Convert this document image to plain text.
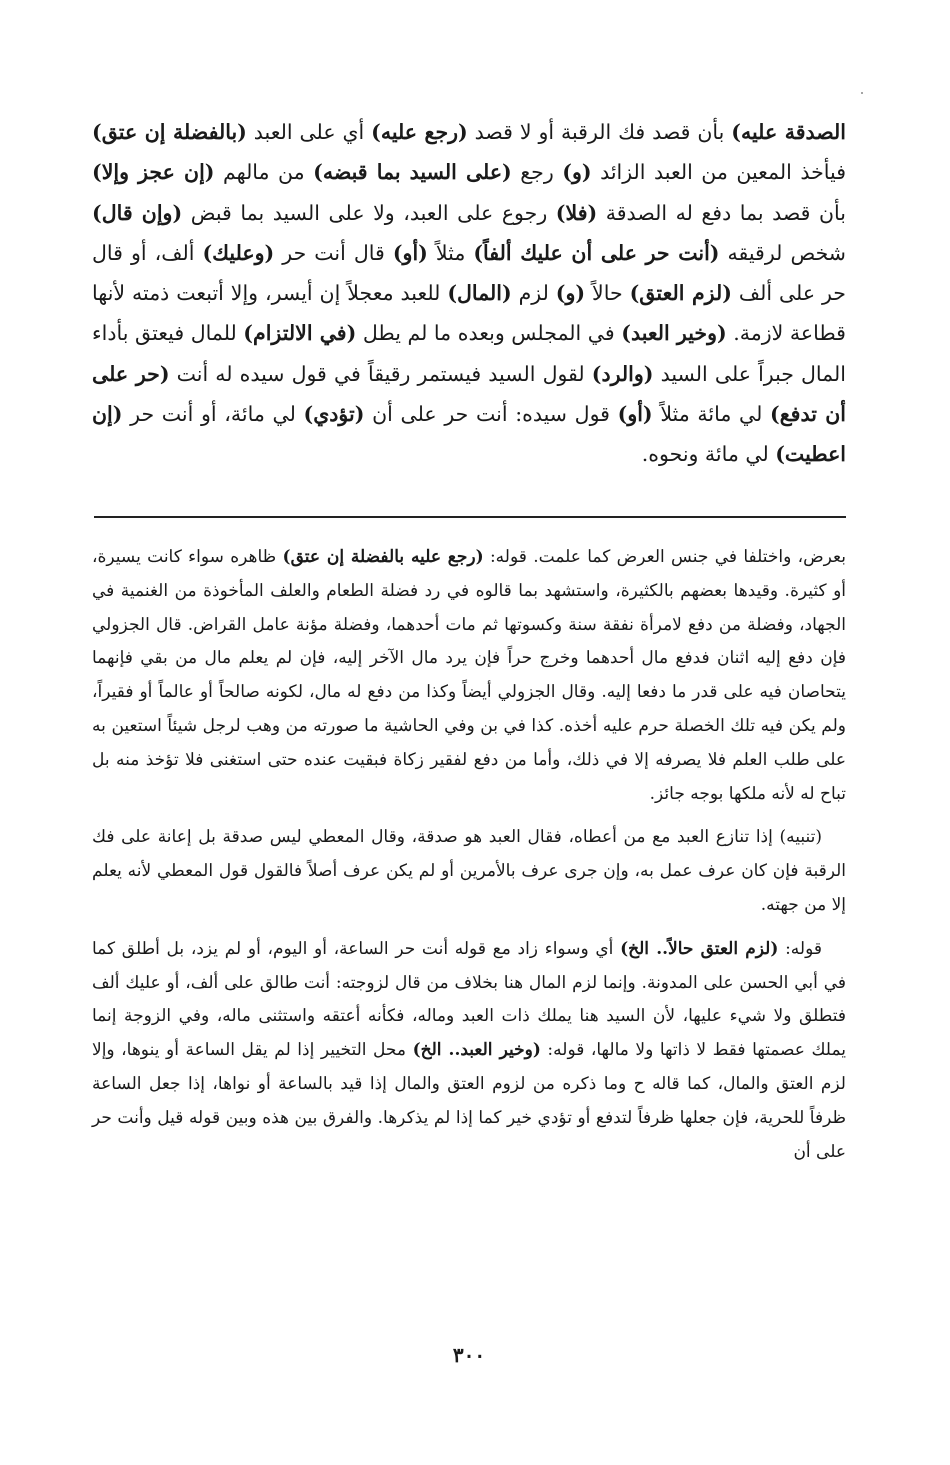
الصدقة عليه) بأن قصد فك الرقبة أو لا قصد (رجع عليه) أي على العبد (بالفضلة إن عتق) فيأخذ المعين من العبد الزائد (و) رجع (على السيد بما قبضه) من مالهم (إن عجز وإلا) بأن قصد بما دفع له الصدقة (فلا) رجوع على العبد، ولا على السيد بما قبض (وإن قال) شخص لرقيقه (أنت حر على أن عليك ألفاً) مثلاً (أو) قال أنت حر (وعليك) ألف، أو قال حر على ألف (لزم العتق) حالاً (و) لزم (المال) للعبد معجلاً إن أيسر، وإلا أتبعت ذمته لأنها قطاعة لازمة. (وخير العبد) في المجلس وبعده ما لم يطل (في الالتزام) للمال فيعتق بأداء المال جبراً على السيد (والرد) لقول السيد فيستمر رقيقاً في قول سيده له أنت (حر على أن تدفع) لي مائة مثلاً (أو) قول سيده: أنت حر على أن (تؤدي) لي مائة، أو أنت حر (إن اعطيت) لي مائة ونحوه.

بعرض، واختلفا في جنس العرض كما علمت. قوله: (رجع عليه بالفضلة إن عتق) ظاهره سواء كانت يسيرة، أو كثيرة. وقيدها بعضهم بالكثيرة، واستشهد بما قالوه في رد فضلة الطعام والعلف المأخوذة من الغنمية في الجهاد، وفضلة من دفع لامرأة نفقة سنة وكسوتها ثم مات أحدهما، وفضلة مؤنة عامل القراض. قال الجزولي فإن دفع إليه اثنان فدفع مال أحدهما وخرج حراً فإن يرد مال الآخر إليه، فإن لم يعلم مال من بقي فإنهما يتحاصان فيه على قدر ما دفعا إليه. وقال الجزولي أيضاً وكذا من دفع له مال، لكونه صالحاً أو عالماً أو فقيراً، ولم يكن فيه تلك الخصلة حرم عليه أخذه. كذا في بن وفي الحاشية ما صورته من وهب لرجل شيئاً استعين به على طلب العلم فلا يصرفه إلا في ذلك، وأما من دفع لفقير زكاة فبقيت عنده حتى استغنى فلا تؤخذ منه بل تباح له لأنه ملكها بوجه جائز.

(تنبيه) إذا تنازع العبد مع من أعطاه، فقال العبد هو صدقة، وقال المعطي ليس صدقة بل إعانة على فك الرقبة فإن كان عرف عمل به، وإن جرى عرف بالأمرين أو لم يكن عرف أصلاً فالقول قول المعطي لأنه يعلم إلا من جهته.

قوله: (لزم العتق حالاً.. الخ) أي وسواء زاد مع قوله أنت حر الساعة، أو اليوم، أو لم يزد، بل أطلق كما في أبي الحسن على المدونة. وإنما لزم المال هنا بخلاف من قال لزوجته: أنت طالق على ألف، أو عليك ألف فتطلق ولا شيء عليها، لأن السيد هنا يملك ذات العبد وماله، فكأنه أعتقه واستثنى ماله، وفي الزوجة إنما يملك عصمتها فقط لا ذاتها ولا مالها، قوله: (وخير العبد.. الخ) محل التخيير إذا لم يقل الساعة أو ينوها، وإلا لزم العتق والمال، كما قاله ح وما ذكره من لزوم العتق والمال إذا قيد بالساعة أو نواها، إذا جعل الساعة ظرفاً للحرية، فإن جعلها ظرفاً لتدفع أو تؤدي خير كما إذا لم يذكرها. والفرق بين هذه وبين قوله قيل وأنت حر على أن

٣٠٠
